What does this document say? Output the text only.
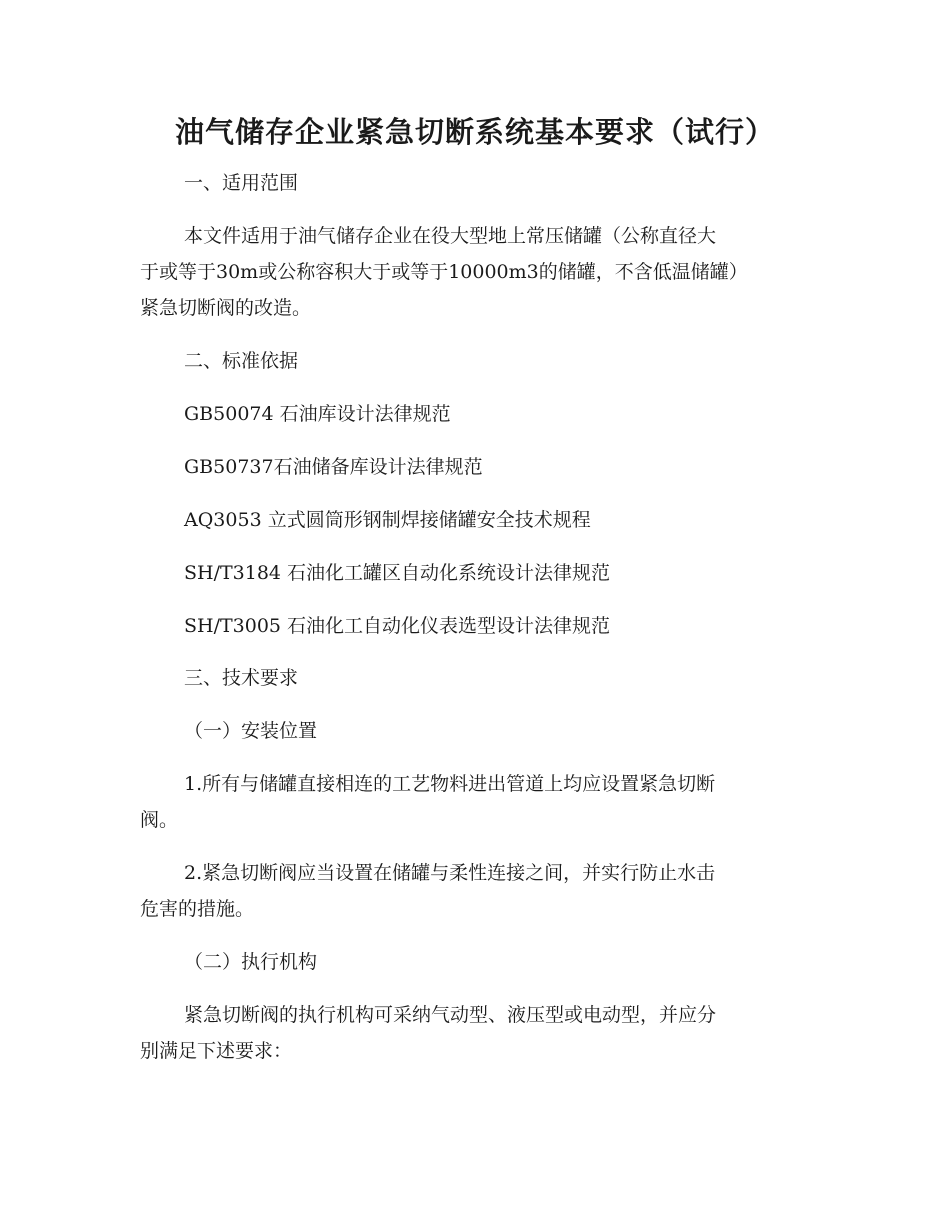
油气储存企业紧急切断系统基本要求（试行）

一、适用范围

本文件适用于油气储存企业在役大型地上常压储罐（公称直径大

于或等于30m或公称容积大于或等于10000m3的储罐，不含低温储罐）

紧急切断阀的改造。

二、标准依据

GB50074 石油库设计法律规范

GB50737石油储备库设计法律规范

AQ3053 立式圆筒形钢制焊接储罐安全技术规程

SH/T3184 石油化工罐区自动化系统设计法律规范

SH/T3005 石油化工自动化仪表选型设计法律规范

三、技术要求

（一）安装位置

1.所有与储罐直接相连的工艺物料进出管道上均应设置紧急切断

阀。

2.紧急切断阀应当设置在储罐与柔性连接之间，并实行防止水击

危害的措施。

（二）执行机构

紧急切断阀的执行机构可采纳气动型、液压型或电动型，并应分

别满足下述要求：
